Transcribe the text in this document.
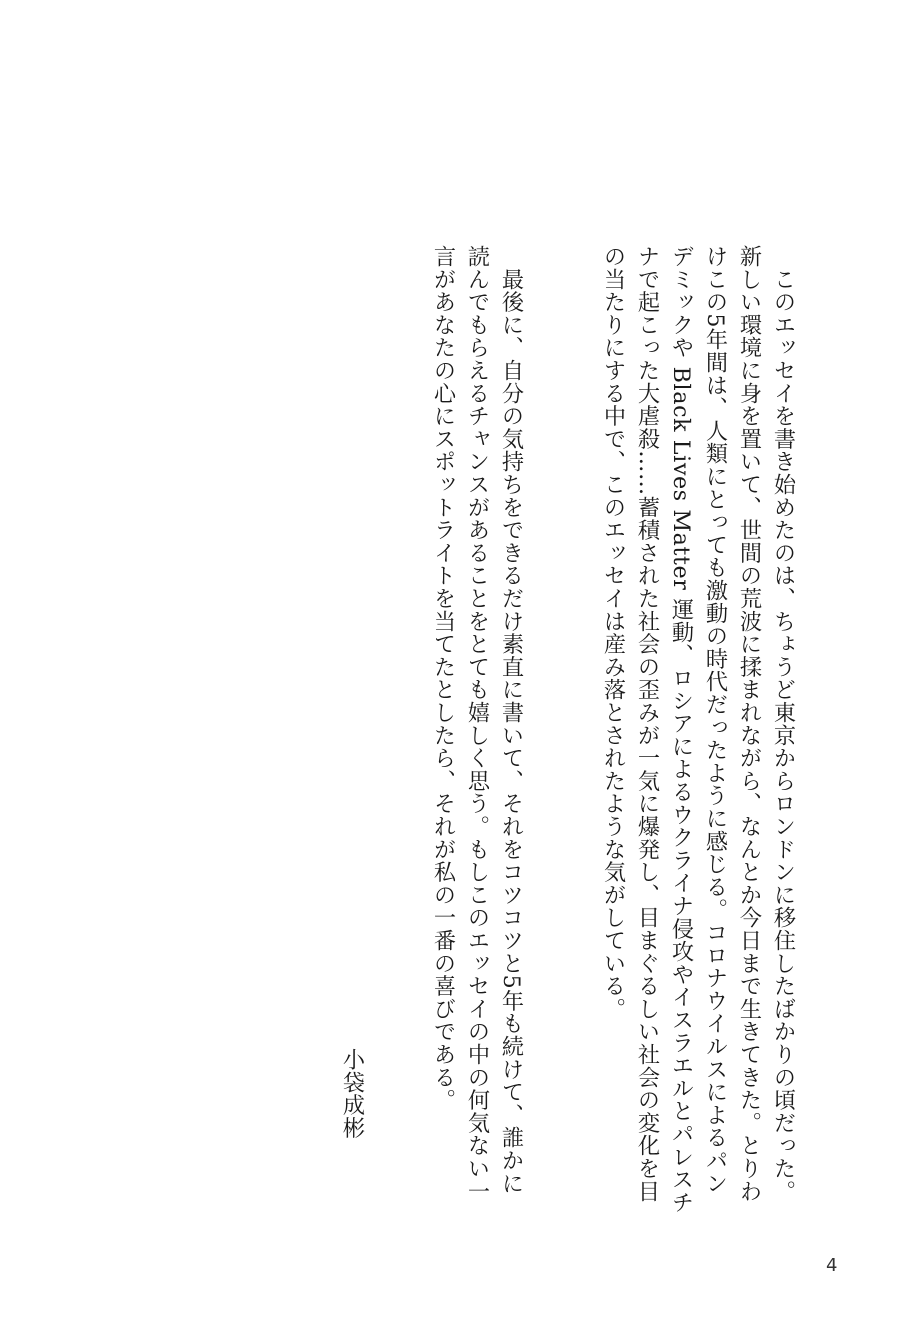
　このエッセイを書き始めたのは、ちょうど東京からロンドンに移住したばかりの頃だった。
新しい環境に身を置いて、世間の荒波に揉まれながら、なんとか今日まで生きてきた。とりわ
けこの5年間は、人類にとっても激動の時代だったように感じる。コロナウイルスによるパン
デミックや Black Lives Matter 運動、ロシアによるウクライナ侵攻やイスラエルとパレスチ
ナで起こった大虐殺……蓄積された社会の歪みが一気に爆発し、目まぐるしい社会の変化を目
の当たりにする中で、このエッセイは産み落とされたような気がしている。
　最後に、自分の気持ちをできるだけ素直に書いて、それをコツコツと5年も続けて、誰かに
読んでもらえるチャンスがあることをとても嬉しく思う。もしこのエッセイの中の何気ない一
言があなたの心にスポットライトを当てたとしたら、それが私の一番の喜びである。
小袋成彬
4
